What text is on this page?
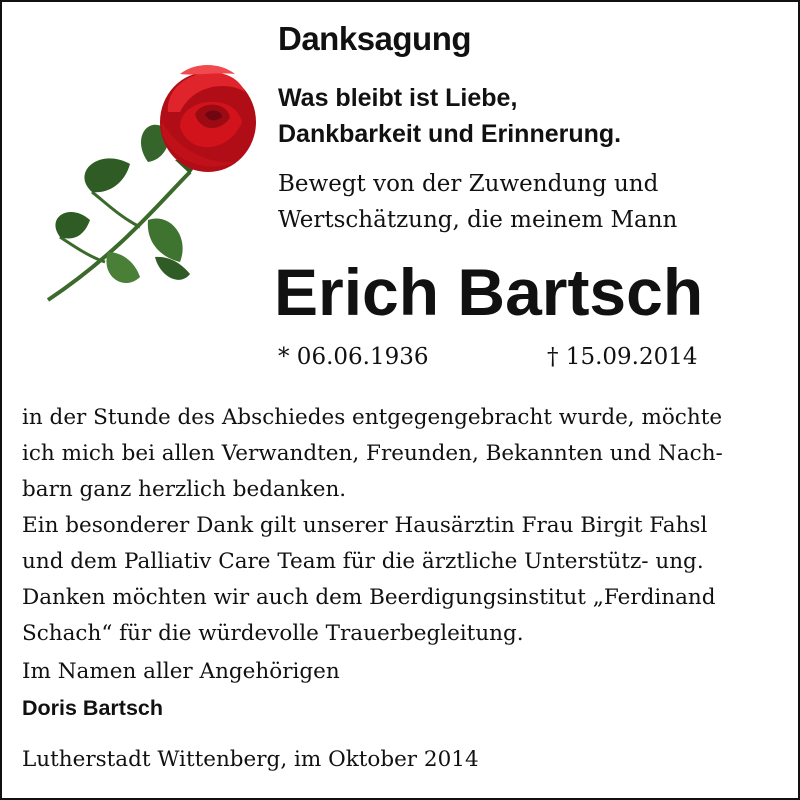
Danksagung
Was bleibt ist Liebe,
Dankbarkeit und Erinnerung.
Bewegt von der Zuwendung und
Wertschätzung, die meinem Mann
Erich Bartsch
* 06.06.1936	† 15.09.2014
in der Stunde des Abschiedes entgegengebracht wurde, möchte
ich mich bei allen Verwandten, Freunden, Bekannten und Nach-
barn ganz herzlich bedanken.
Ein besonderer Dank gilt unserer Hausärztin Frau Birgit Fahsl
und dem Palliativ Care Team für die ärztliche Unterstütz- ung.
Danken möchten wir auch dem Beerdigungsinstitut „Ferdinand
Schach“ für die würdevolle Trauerbegleitung.
Im Namen aller Angehörigen
Doris Bartsch
Lutherstadt Wittenberg, im Oktober 2014
